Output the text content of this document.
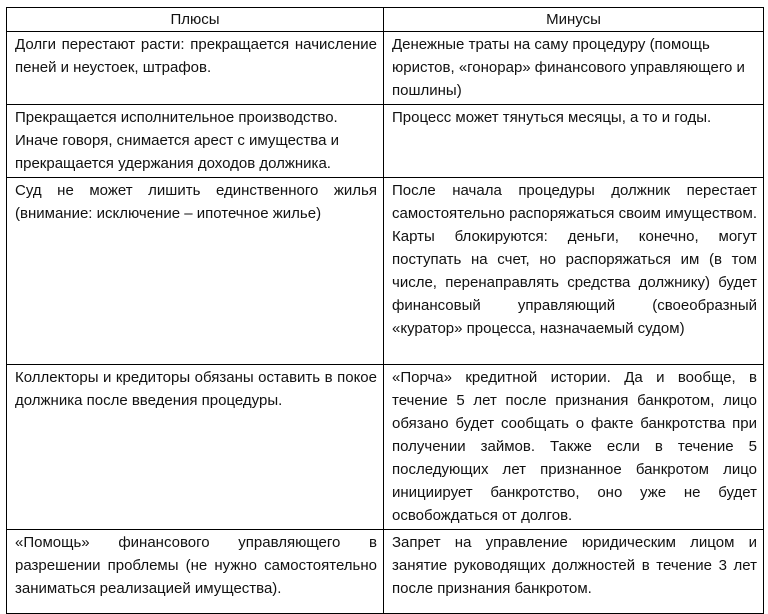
Плюсы	Минусы
Долги перестают расти: прекращается начисление пеней и неустоек, штрафов.	Денежные траты на саму процедуру (помощь юристов, «гонорар» финансового управляющего и пошлины)
Прекращается исполнительное производство. Иначе говоря, снимается арест с имущества и прекращается удержания доходов должника.	Процесс может тянуться месяцы, а то и годы.
Суд не может лишить единственного жилья (внимание: исключение – ипотечное жилье)	После начала процедуры должник перестает самостоятельно распоряжаться своим имуществом. Карты блокируются: деньги, конечно, могут поступать на счет, но распоряжаться им (в том числе, перенаправлять средства должнику) будет финансовый управляющий (своеобразный «куратор» процесса, назначаемый судом)
Коллекторы и кредиторы обязаны оставить в покое должника после введения процедуры.	«Порча» кредитной истории. Да и вообще, в течение 5 лет после признания банкротом, лицо обязано будет сообщать о факте банкротства при получении займов. Также если в течение 5 последующих лет признанное банкротом лицо инициирует банкротство, оно уже не будет освобождаться от долгов.
«Помощь» финансового управляющего в разрешении проблемы (не нужно самостоятельно заниматься реализацией имущества).	Запрет на управление юридическим лицом и занятие руководящих должностей в течение 3 лет после признания банкротом.
